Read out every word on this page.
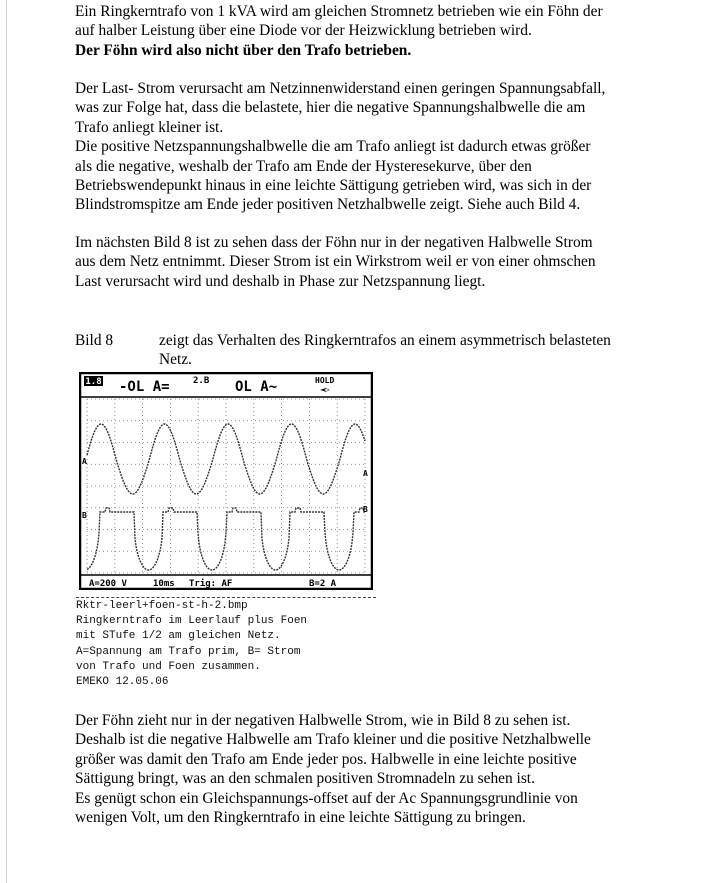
Ein Ringkerntrafo von 1 kVA wird am gleichen Stromnetz betrieben wie ein Föhn der
auf halber Leistung über eine Diode vor der Heizwicklung betrieben wird.
Der Föhn wird also nicht über den Trafo betrieben.
Der Last- Strom verursacht am Netzinnenwiderstand einen geringen Spannungsabfall,
was zur Folge hat, dass die belastete, hier die negative Spannungshalbwelle die am
Trafo anliegt kleiner ist.
Die positive Netzspannungshalbwelle die am Trafo anliegt ist dadurch etwas größer
als die negative, weshalb der Trafo am Ende der Hysteresekurve, über den
Betriebswendepunkt hinaus in eine leichte Sättigung getrieben wird, was sich in der
Blindstromspitze am Ende jeder positiven Netzhalbwelle zeigt. Siehe auch Bild 4.
Im nächsten Bild 8 ist zu sehen dass der Föhn nur in der negativen Halbwelle Strom
aus dem Netz entnimmt. Dieser Strom ist ein Wirkstrom weil er von einer ohmschen
Last verursacht wird und deshalb in Phase zur Netzspannung liegt.
Bild 8	zeigt das Verhalten des Ringkerntrafos an einem asymmetrisch belasteten
Netz.
1.8 -OL A=	2.B OL A~	HOLD
◄▷
A
B
A
B
A=200 V	10ms Trig: AF	B=2 A
Rktr-leerl+foen-st-h-2.bmp
Ringkerntrafo im Leerlauf plus Foen
mit STufe 1/2 am gleichen Netz.
A=Spannung am Trafo prim, B= Strom
von Trafo und Foen zusammen.
EMEKO 12.05.06
Der Föhn zieht nur in der negativen Halbwelle Strom, wie in Bild 8 zu sehen ist.
Deshalb ist die negative Halbwelle am Trafo kleiner und die positive Netzhalbwelle
größer was damit den Trafo am Ende jeder pos. Halbwelle in eine leichte positive
Sättigung bringt, was an den schmalen positiven Stromnadeln zu sehen ist.
Es genügt schon ein Gleichspannungs-offset auf der Ac Spannungsgrundlinie von
wenigen Volt, um den Ringkerntrafo in eine leichte Sättigung zu bringen.
